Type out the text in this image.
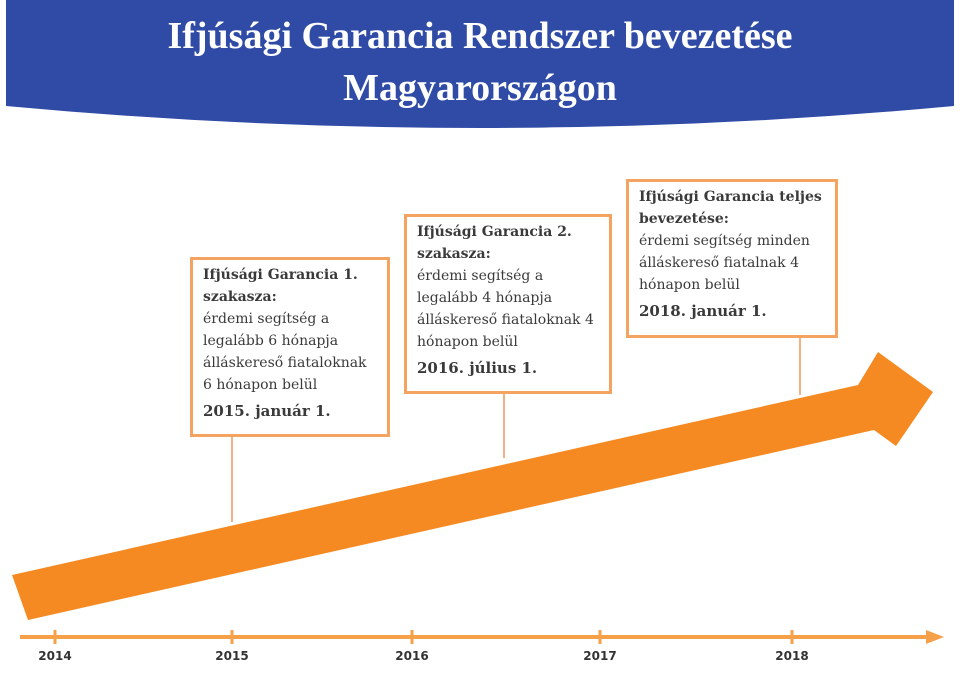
Ifjúsági Garancia Rendszer bevezetése
Magyarországon
Ifjúsági Garancia 1. szakasza:
érdemi segítség a legalább 6 hónapja álláskereső fiataloknak 6 hónapon belül
2015. január 1.
Ifjúsági Garancia 2. szakasza:
érdemi segítség a legalább 4 hónapja álláskereső fiataloknak 4 hónapon belül
2016. július 1.
Ifjúsági Garancia teljes bevezetése:
érdemi segítség minden álláskereső fiatalnak 4 hónapon belül
2018. január 1.
2014	2015	2016	2017	2018
